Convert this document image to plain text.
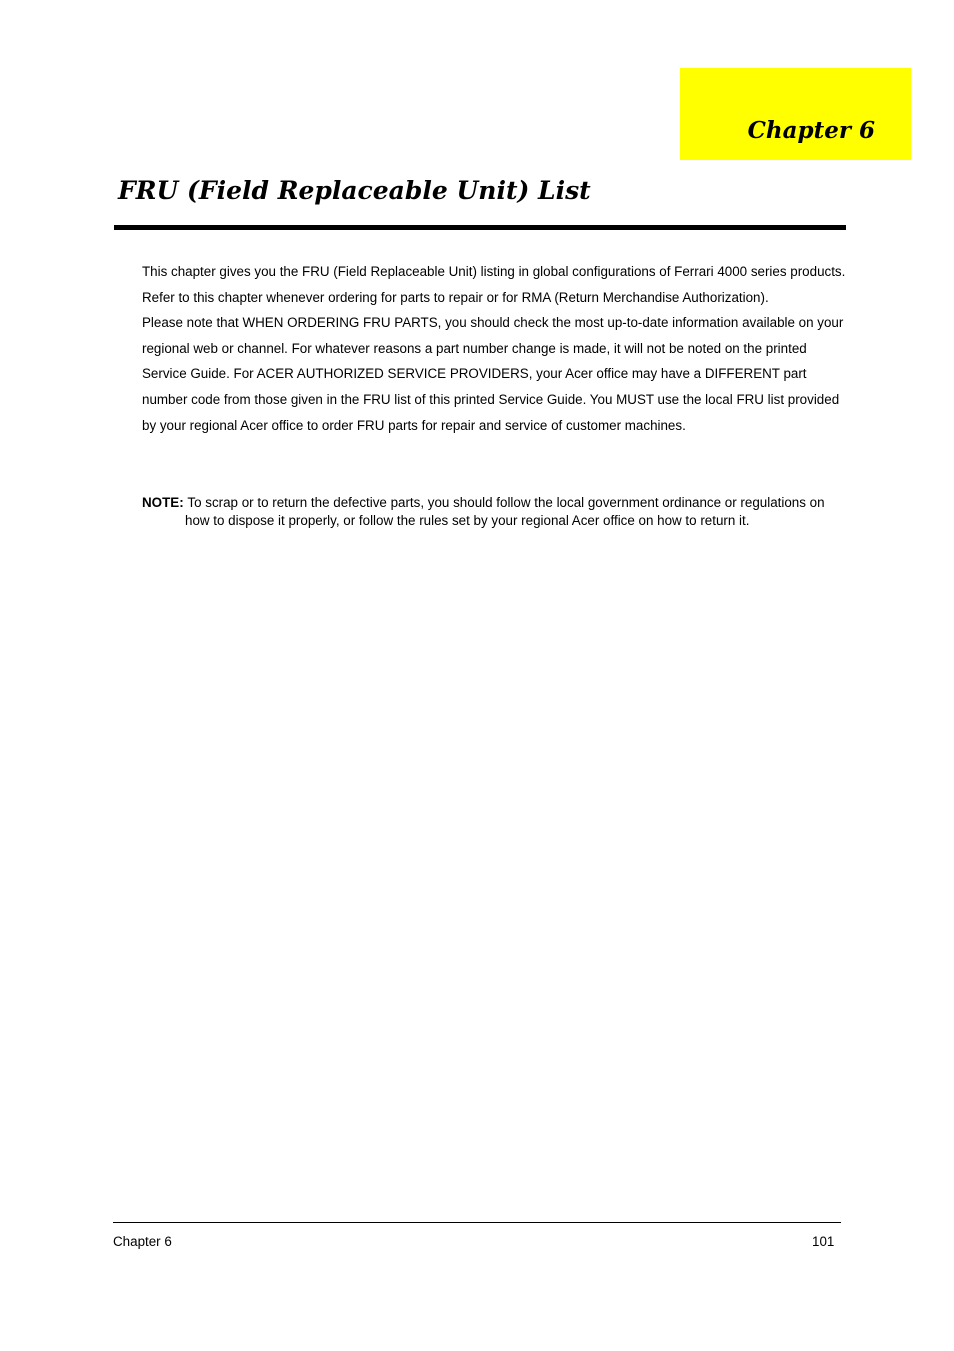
Chapter 6
FRU (Field Replaceable Unit) List

This chapter gives you the FRU (Field Replaceable Unit) listing in global configurations of Ferrari 4000 series products. Refer to this chapter whenever ordering for parts to repair or for RMA (Return Merchandise Authorization).

Please note that WHEN ORDERING FRU PARTS, you should check the most up-to-date information available on your regional web or channel. For whatever reasons a part number change is made, it will not be noted on the printed Service Guide. For ACER AUTHORIZED SERVICE PROVIDERS, your Acer office may have a DIFFERENT part number code from those given in the FRU list of this printed Service Guide. You MUST use the local FRU list provided by your regional Acer office to order FRU parts for repair and service of customer machines.

NOTE: To scrap or to return the defective parts, you should follow the local government ordinance or regulations on how to dispose it properly, or follow the rules set by your regional Acer office on how to return it.
Chapter 6	101
